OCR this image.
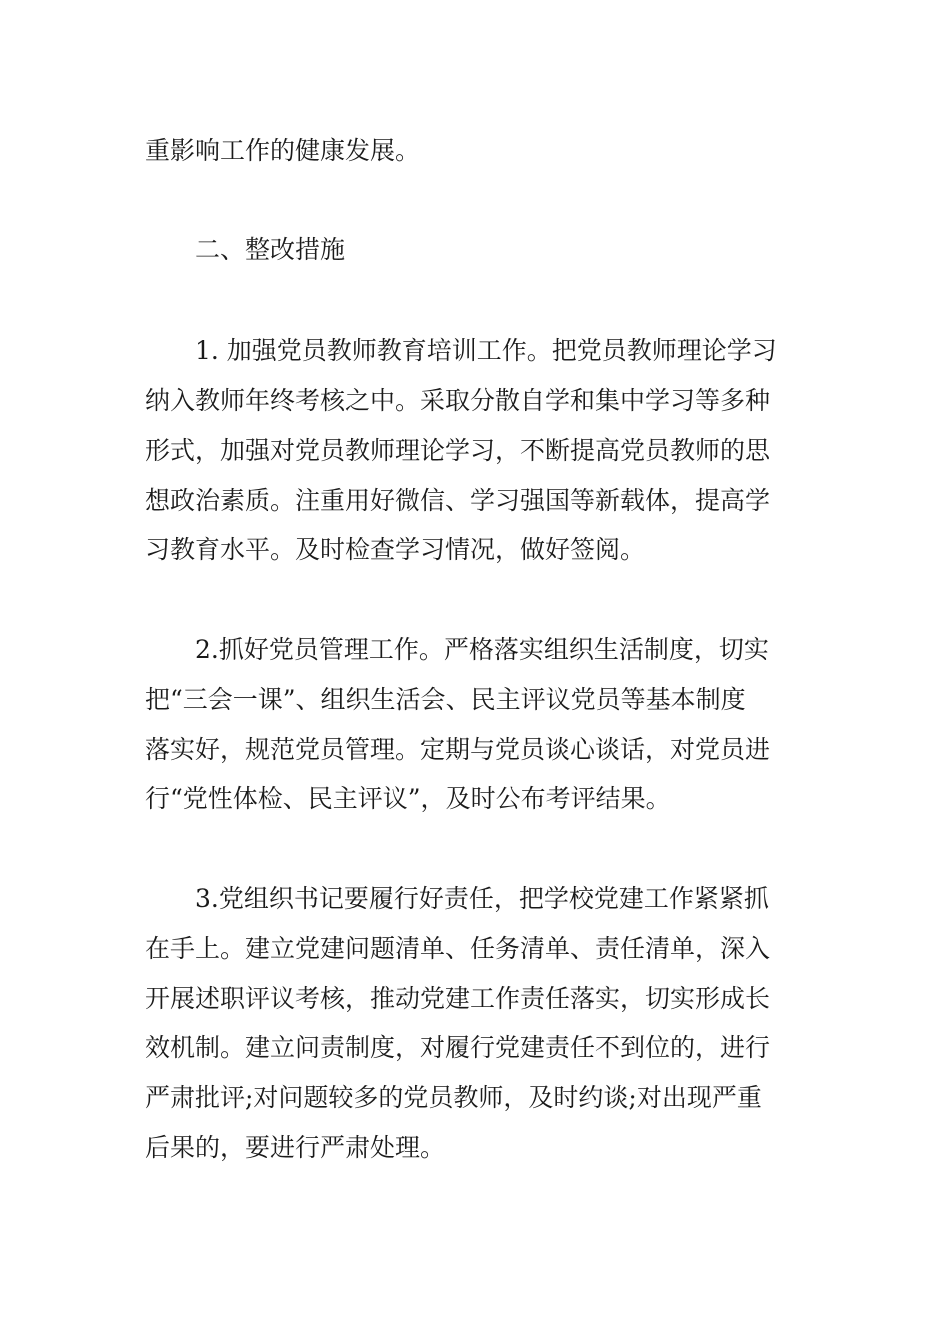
重影响工作的健康发展。
二、整改措施
1. 加强党员教师教育培训工作。把党员教师理论学习
纳入教师年终考核之中。采取分散自学和集中学习等多种
形式，加强对党员教师理论学习，不断提高党员教师的思
想政治素质。注重用好微信、学习强国等新载体，提高学
习教育水平。及时检查学习情况，做好签阅。
2.抓好党员管理工作。严格落实组织生活制度，切实
把“三会一课”、组织生活会、民主评议党员等基本制度
落实好，规范党员管理。定期与党员谈心谈话，对党员进
行“党性体检、民主评议”，及时公布考评结果。
3.党组织书记要履行好责任，把学校党建工作紧紧抓
在手上。建立党建问题清单、任务清单、责任清单，深入
开展述职评议考核，推动党建工作责任落实，切实形成长
效机制。建立问责制度，对履行党建责任不到位的，进行
严肃批评;对问题较多的党员教师，及时约谈;对出现严重
后果的，要进行严肃处理。
